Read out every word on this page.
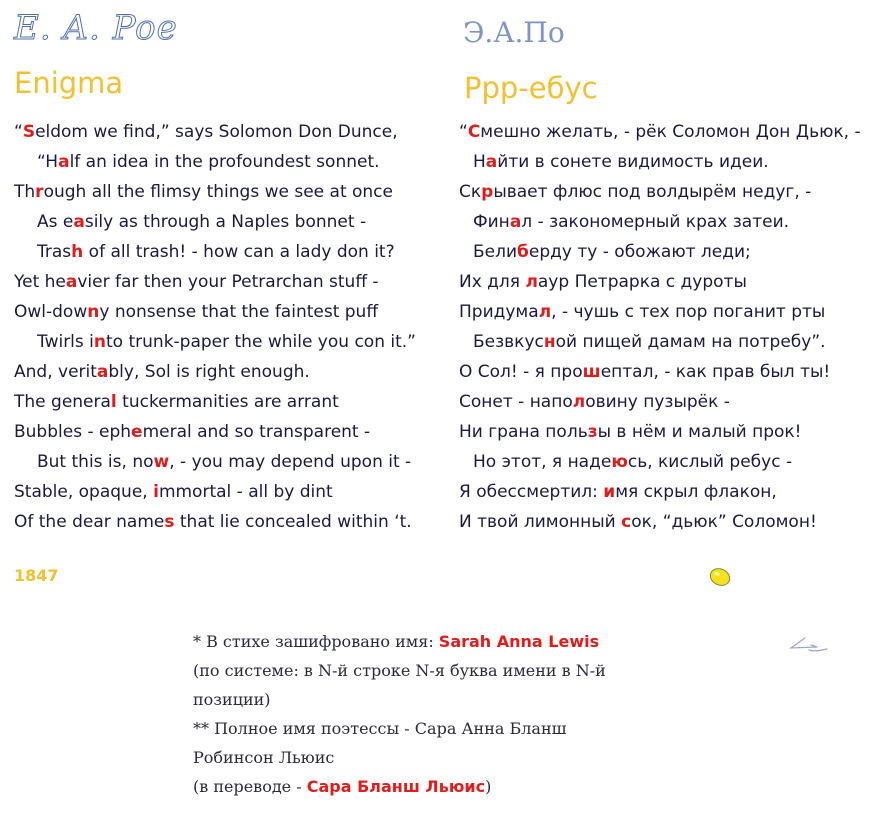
E. A. Poe
Enigma
“Seldom we find,” says Solomon Don Dunce,
“Half an idea in the profoundest sonnet.
Through all the flimsy things we see at once
As easily as through a Naples bonnet -
Trash of all trash! - how can a lady don it?
Yet heavier far then your Petrarchan stuff -
Owl-downy nonsense that the faintest puff
Twirls into trunk-paper the while you con it.”
And, veritably, Sol is right enough.
The general tuckermanities are arrant
Bubbles - ephemeral and so transparent -
But this is, now, - you may depend upon it -
Stable, opaque, immortal - all by dint
Of the dear names that lie concealed within ‘t.
Э.А.По
Ррр-ебус
“Смешно желать, - рёк Соломон Дон Дьюк, -
Найти в сонете видимость идеи.
Скрывает флюс под волдырём недуг, -
Финал - закономерный крах затеи.
Белиберду ту - обожают леди;
Их для лаур Петрарка с дуроты
Придумал, - чушь с тех пор поганит рты
Безвкусной пищей дамам на потребу”.
О Сол! - я прошептал, - как прав был ты!
Сонет - наполовину пузырёк -
Ни грана пользы в нём и малый прок!
Но этот, я надеюсь, кислый ребус -
Я обессмертил: имя скрыл флакон,
И твой лимонный сок, “дьюк” Соломон!
1847
* В стихе зашифровано имя: Sarah Anna Lewis
(по системе: в N-й строке N-я буква имени в N-й
позиции)
** Полное имя поэтессы - Сара Анна Бланш
Робинсон Льюис
(в переводе - Сара Бланш Льюис)
